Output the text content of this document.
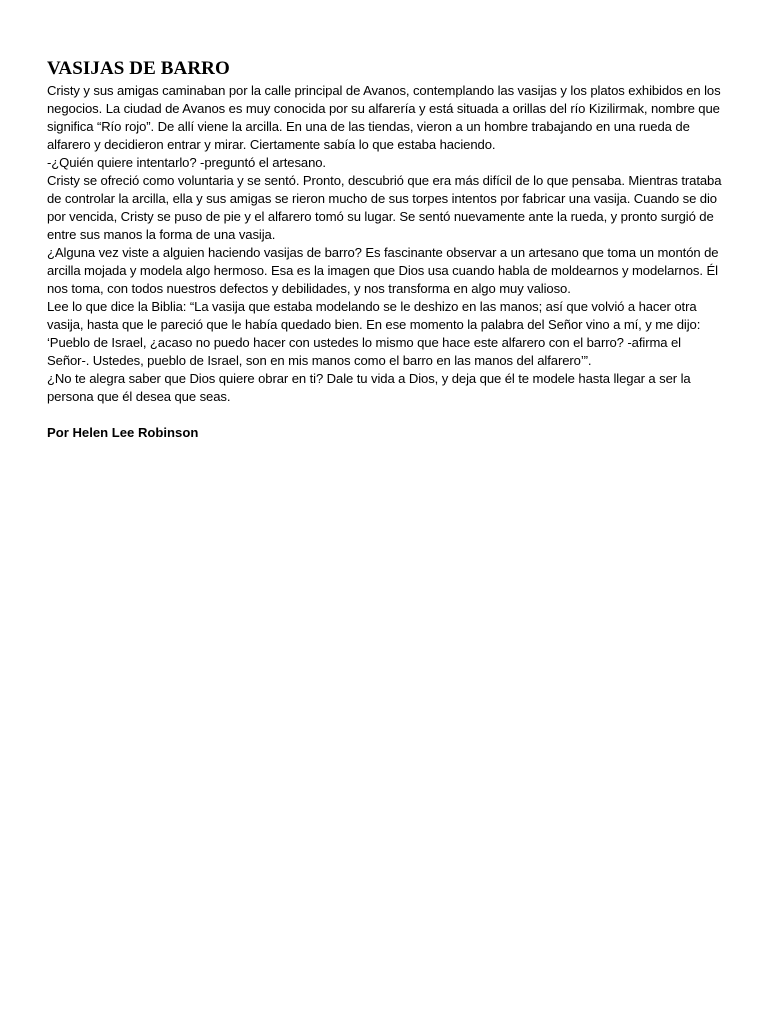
VASIJAS DE BARRO

Cristy y sus amigas caminaban por la calle principal de Avanos, contemplando las vasijas y los platos exhibidos en los negocios. La ciudad de Avanos es muy conocida por su alfarería y está situada a orillas del río Kizilirmak, nombre que significa “Río rojo”. De allí viene la arcilla. En una de las tiendas, vieron a un hombre trabajando en una rueda de alfarero y decidieron entrar y mirar. Ciertamente sabía lo que estaba haciendo.

-¿Quién quiere intentarlo? -preguntó el artesano.

Cristy se ofreció como voluntaria y se sentó. Pronto, descubrió que era más difícil de lo que pensaba. Mientras trataba de controlar la arcilla, ella y sus amigas se rieron mucho de sus torpes intentos por fabricar una vasija. Cuando se dio por vencida, Cristy se puso de pie y el alfarero tomó su lugar. Se sentó nuevamente ante la rueda, y pronto surgió de entre sus manos la forma de una vasija.

¿Alguna vez viste a alguien haciendo vasijas de barro? Es fascinante observar a un artesano que toma un montón de arcilla mojada y modela algo hermoso. Esa es la imagen que Dios usa cuando habla de moldearnos y modelarnos. Él nos toma, con todos nuestros defectos y debilidades, y nos transforma en algo muy valioso.

Lee lo que dice la Biblia: “La vasija que estaba modelando se le deshizo en las manos; así que volvió a hacer otra vasija, hasta que le pareció que le había quedado bien. En ese momento la palabra del Señor vino a mí, y me dijo: ‘Pueblo de Israel, ¿acaso no puedo hacer con ustedes lo mismo que hace este alfarero con el barro? -afirma el Señor-. Ustedes, pueblo de Israel, son en mis manos como el barro en las manos del alfarero’”.

¿No te alegra saber que Dios quiere obrar en ti? Dale tu vida a Dios, y deja que él te modele hasta llegar a ser la persona que él desea que seas.

Por Helen Lee Robinson
